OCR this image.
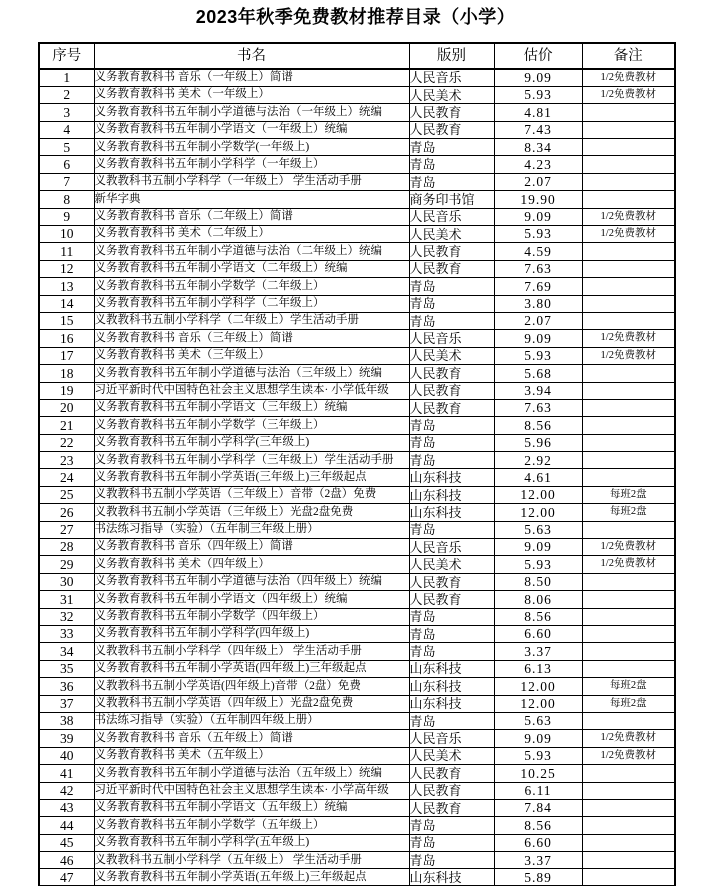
2023年秋季免费教材推荐目录（小学）
序号	书名	版别	估价	备注
1	义务教育教科书 音乐（一年级上）简谱	人民音乐	9.09	1/2免费教材
2	义务教育教科书 美术（一年级上）	人民美术	5.93	1/2免费教材
3	义务教育教科书五年制小学道德与法治（一年级上）统编	人民教育	4.81	
4	义务教育教科书五年制小学语文（一年级上）统编	人民教育	7.43	
5	义务教育教科书五年制小学数学(一年级上)	青岛	8.34	
6	义务教育教科书五年制小学科学（一年级上）	青岛	4.23	
7	义教教科书五制小学科学（一年级上） 学生活动手册	青岛	2.07	
8	新华字典	商务印书馆	19.90	
9	义务教育教科书 音乐（二年级上）简谱	人民音乐	9.09	1/2免费教材
10	义务教育教科书 美术（二年级上）	人民美术	5.93	1/2免费教材
11	义务教育教科书五年制小学道德与法治（二年级上）统编	人民教育	4.59	
12	义务教育教科书五年制小学语文（二年级上）统编	人民教育	7.63	
13	义务教育教科书五年制小学数学（二年级上）	青岛	7.69	
14	义务教育教科书五年制小学科学（二年级上）	青岛	3.80	
15	义教教科书五制小学科学（二年级上）学生活动手册	青岛	2.07	
16	义务教育教科书 音乐（三年级上）简谱	人民音乐	9.09	1/2免费教材
17	义务教育教科书 美术（三年级上）	人民美术	5.93	1/2免费教材
18	义务教育教科书五年制小学道德与法治（三年级上）统编	人民教育	5.68	
19	习近平新时代中国特色社会主义思想学生读本· 小学低年级	人民教育	3.94	
20	义务教育教科书五年制小学语文（三年级上）统编	人民教育	7.63	
21	义务教育教科书五年制小学数学（三年级上）	青岛	8.56	
22	义务教育教科书五年制小学科学(三年级上)	青岛	5.96	
23	义务教育教科书五年制小学科学（三年级上）学生活动手册	青岛	2.92	
24	义务教育教科书五年制小学英语(三年级上)三年级起点	山东科技	4.61	
25	义教教科书五制小学英语（三年级上）音带（2盘）免费	山东科技	12.00	每班2盘
26	义教教科书五制小学英语（三年级上）光盘2盘免费	山东科技	12.00	每班2盘
27	书法练习指导（实验）（五年制三年级上册）	青岛	5.63	
28	义务教育教科书 音乐（四年级上）简谱	人民音乐	9.09	1/2免费教材
29	义务教育教科书 美术（四年级上）	人民美术	5.93	1/2免费教材
30	义务教育教科书五年制小学道德与法治（四年级上）统编	人民教育	8.50	
31	义务教育教科书五年制小学语文（四年级上）统编	人民教育	8.06	
32	义务教育教科书五年制小学数学（四年级上）	青岛	8.56	
33	义务教育教科书五年制小学科学(四年级上)	青岛	6.60	
34	义教教科书五制小学科学（四年级上） 学生活动手册	青岛	3.37	
35	义务教育教科书五年制小学英语(四年级上)三年级起点	山东科技	6.13	
36	义教教科书五制小学英语(四年级上)音带（2盘）免费	山东科技	12.00	每班2盘
37	义教教科书五制小学英语（四年级上）光盘2盘免费	山东科技	12.00	每班2盘
38	书法练习指导（实验）（五年制四年级上册）	青岛	5.63	
39	义务教育教科书 音乐（五年级上）简谱	人民音乐	9.09	1/2免费教材
40	义务教育教科书 美术（五年级上）	人民美术	5.93	1/2免费教材
41	义务教育教科书五年制小学道德与法治（五年级上）统编	人民教育	10.25	
42	习近平新时代中国特色社会主义思想学生读本· 小学高年级	人民教育	6.11	
43	义务教育教科书五年制小学语文（五年级上）统编	人民教育	7.84	
44	义务教育教科书五年制小学数学（五年级上）	青岛	8.56	
45	义务教育教科书五年制小学科学(五年级上)	青岛	6.60	
46	义教教科书五制小学科学（五年级上） 学生活动手册	青岛	3.37	
47	义务教育教科书五年制小学英语(五年级上)三年级起点	山东科技	5.89	
